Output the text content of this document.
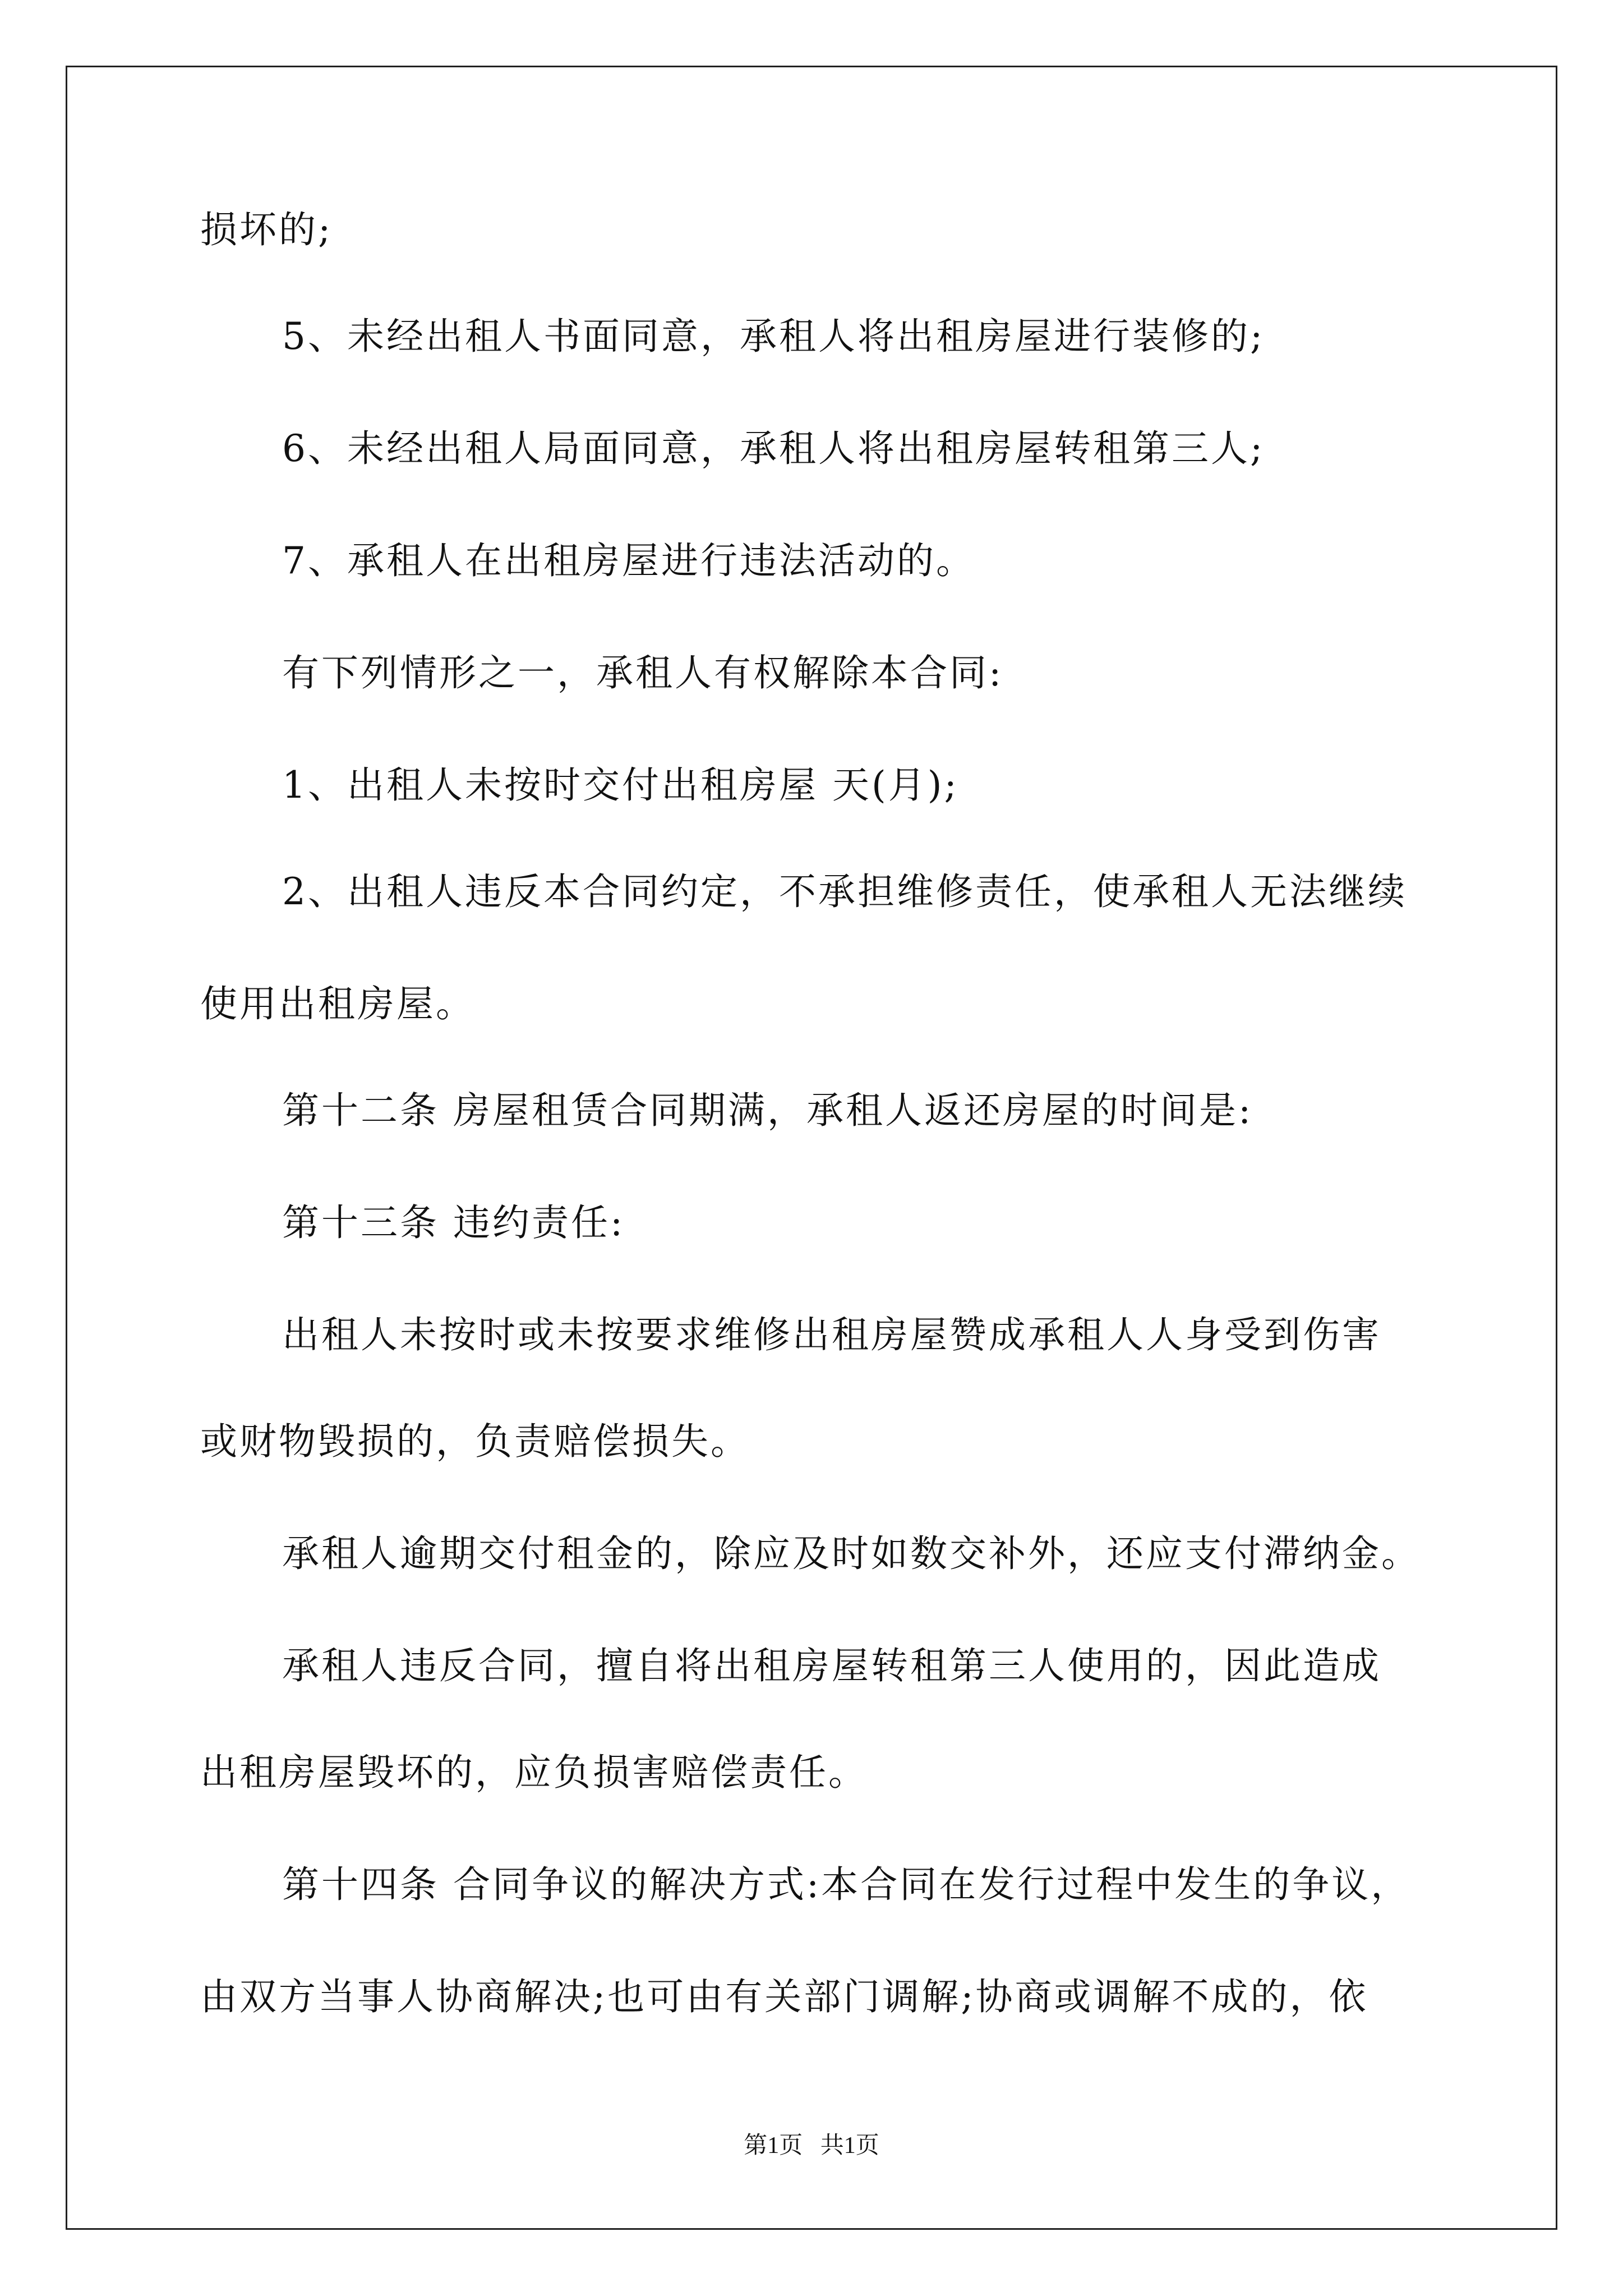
损坏的;
5、未经出租人书面同意，承租人将出租房屋进行装修的;
6、未经出租人局面同意，承租人将出租房屋转租第三人;
7、承租人在出租房屋进行违法活动的。
有下列情形之一，承租人有权解除本合同:
1、出租人未按时交付出租房屋 天(月);
2、出租人违反本合同约定，不承担维修责任，使承租人无法继续
使用出租房屋。
第十二条 房屋租赁合同期满，承租人返还房屋的时间是:
第十三条 违约责任:
出租人未按时或未按要求维修出租房屋赞成承租人人身受到伤害
或财物毁损的，负责赔偿损失。
承租人逾期交付租金的，除应及时如数交补外，还应支付滞纳金。
承租人违反合同，擅自将出租房屋转租第三人使用的，因此造成
出租房屋毁坏的，应负损害赔偿责任。
第十四条 合同争议的解决方式:本合同在发行过程中发生的争议，
由双方当事人协商解决;也可由有关部门调解;协商或调解不成的，依
第1页   共1页
